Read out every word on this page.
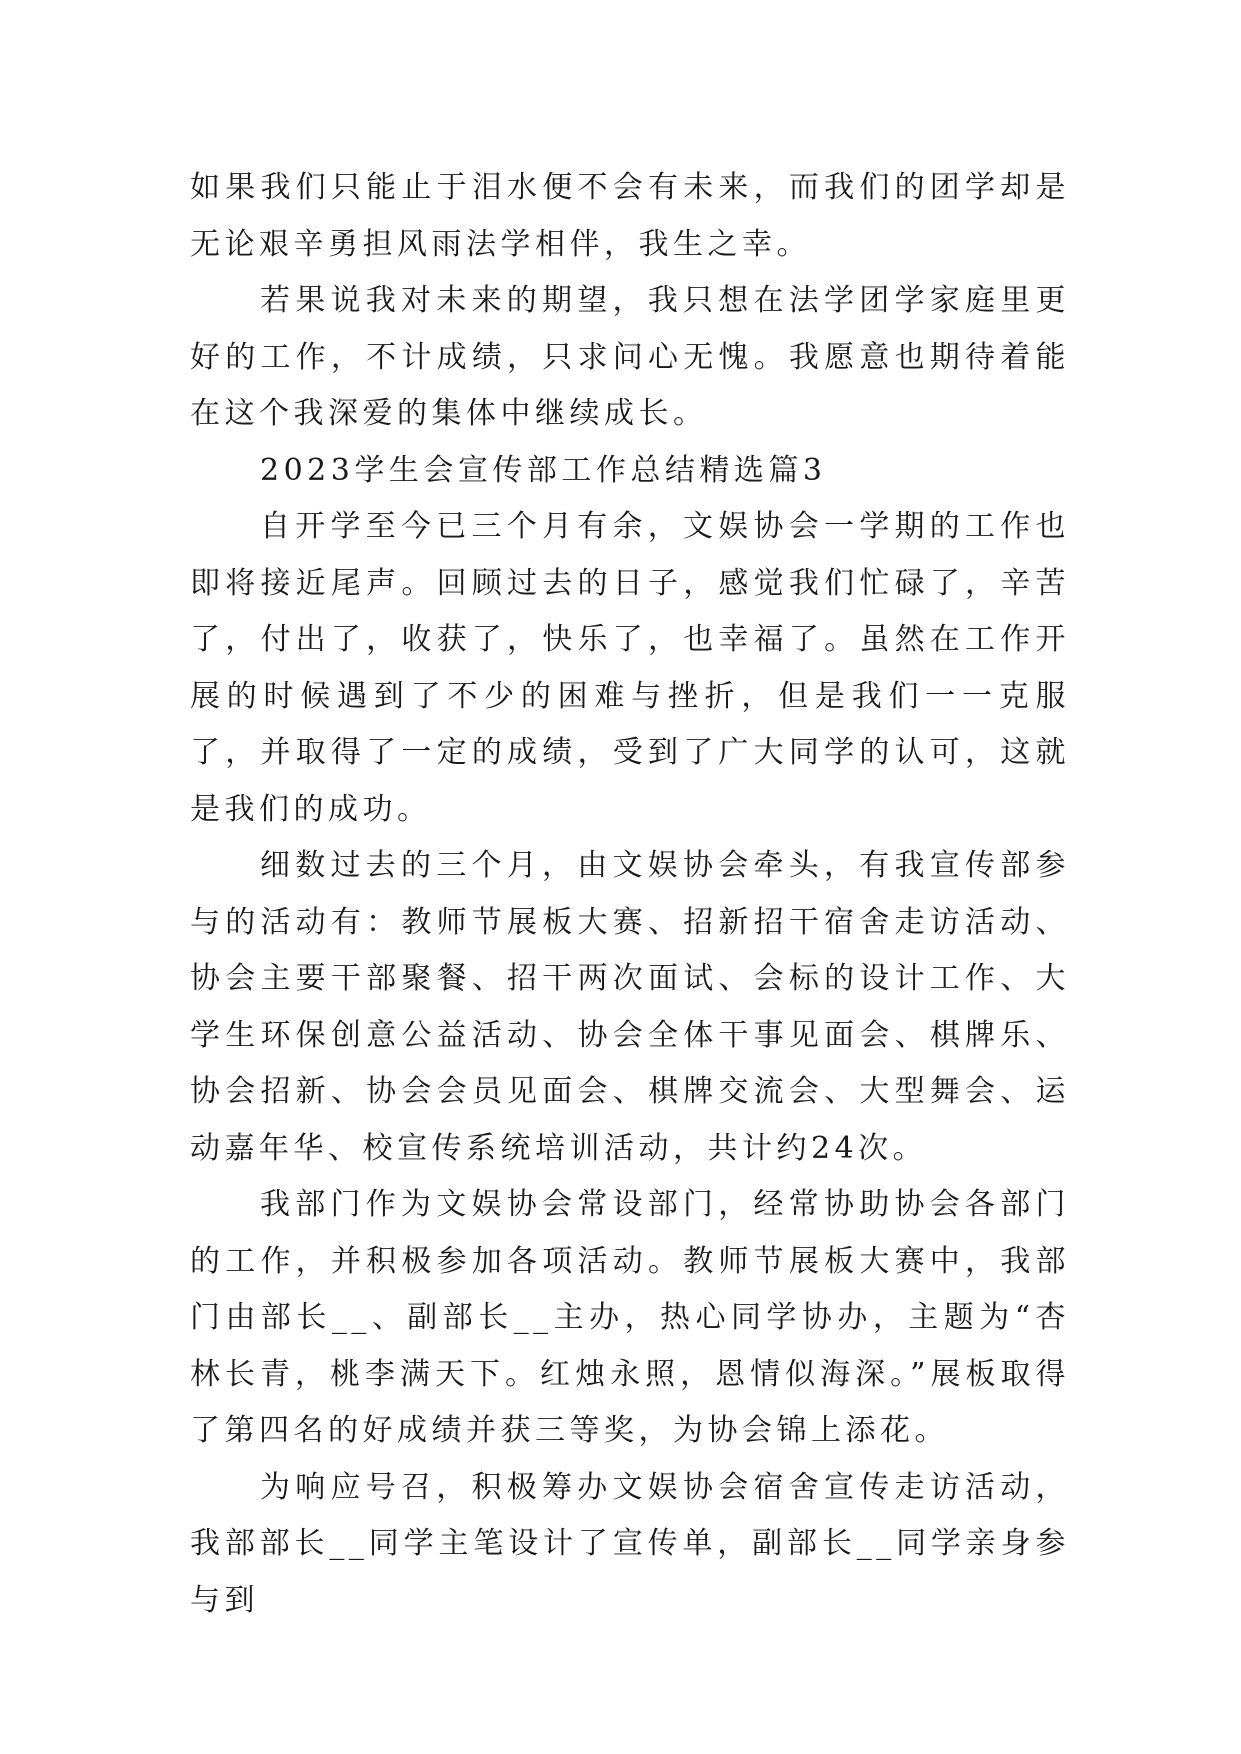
如果我们只能止于泪水便不会有未来，而我们的团学却是无论艰辛勇担风雨法学相伴，我生之幸。

若果说我对未来的期望，我只想在法学团学家庭里更好的工作，不计成绩，只求问心无愧。我愿意也期待着能在这个我深爱的集体中继续成长。

2023学生会宣传部工作总结精选篇3

自开学至今已三个月有余，文娱协会一学期的工作也即将接近尾声。回顾过去的日子，感觉我们忙碌了，辛苦了，付出了，收获了，快乐了，也幸福了。虽然在工作开展的时候遇到了不少的困难与挫折，但是我们一一克服了，并取得了一定的成绩，受到了广大同学的认可，这就是我们的成功。

细数过去的三个月，由文娱协会牵头，有我宣传部参与的活动有：教师节展板大赛、招新招干宿舍走访活动、协会主要干部聚餐、招干两次面试、会标的设计工作、大学生环保创意公益活动、协会全体干事见面会、棋牌乐、协会招新、协会会员见面会、棋牌交流会、大型舞会、运动嘉年华、校宣传系统培训活动，共计约24次。

我部门作为文娱协会常设部门，经常协助协会各部门的工作，并积极参加各项活动。教师节展板大赛中，我部门由部长__、副部长__主办，热心同学协办，主题为“杏林长青，桃李满天下。红烛永照，恩情似海深。”展板取得了第四名的好成绩并获三等奖，为协会锦上添花。

为响应号召，积极筹办文娱协会宿舍宣传走访活动，我部部长__同学主笔设计了宣传单，副部长__同学亲身参与到
